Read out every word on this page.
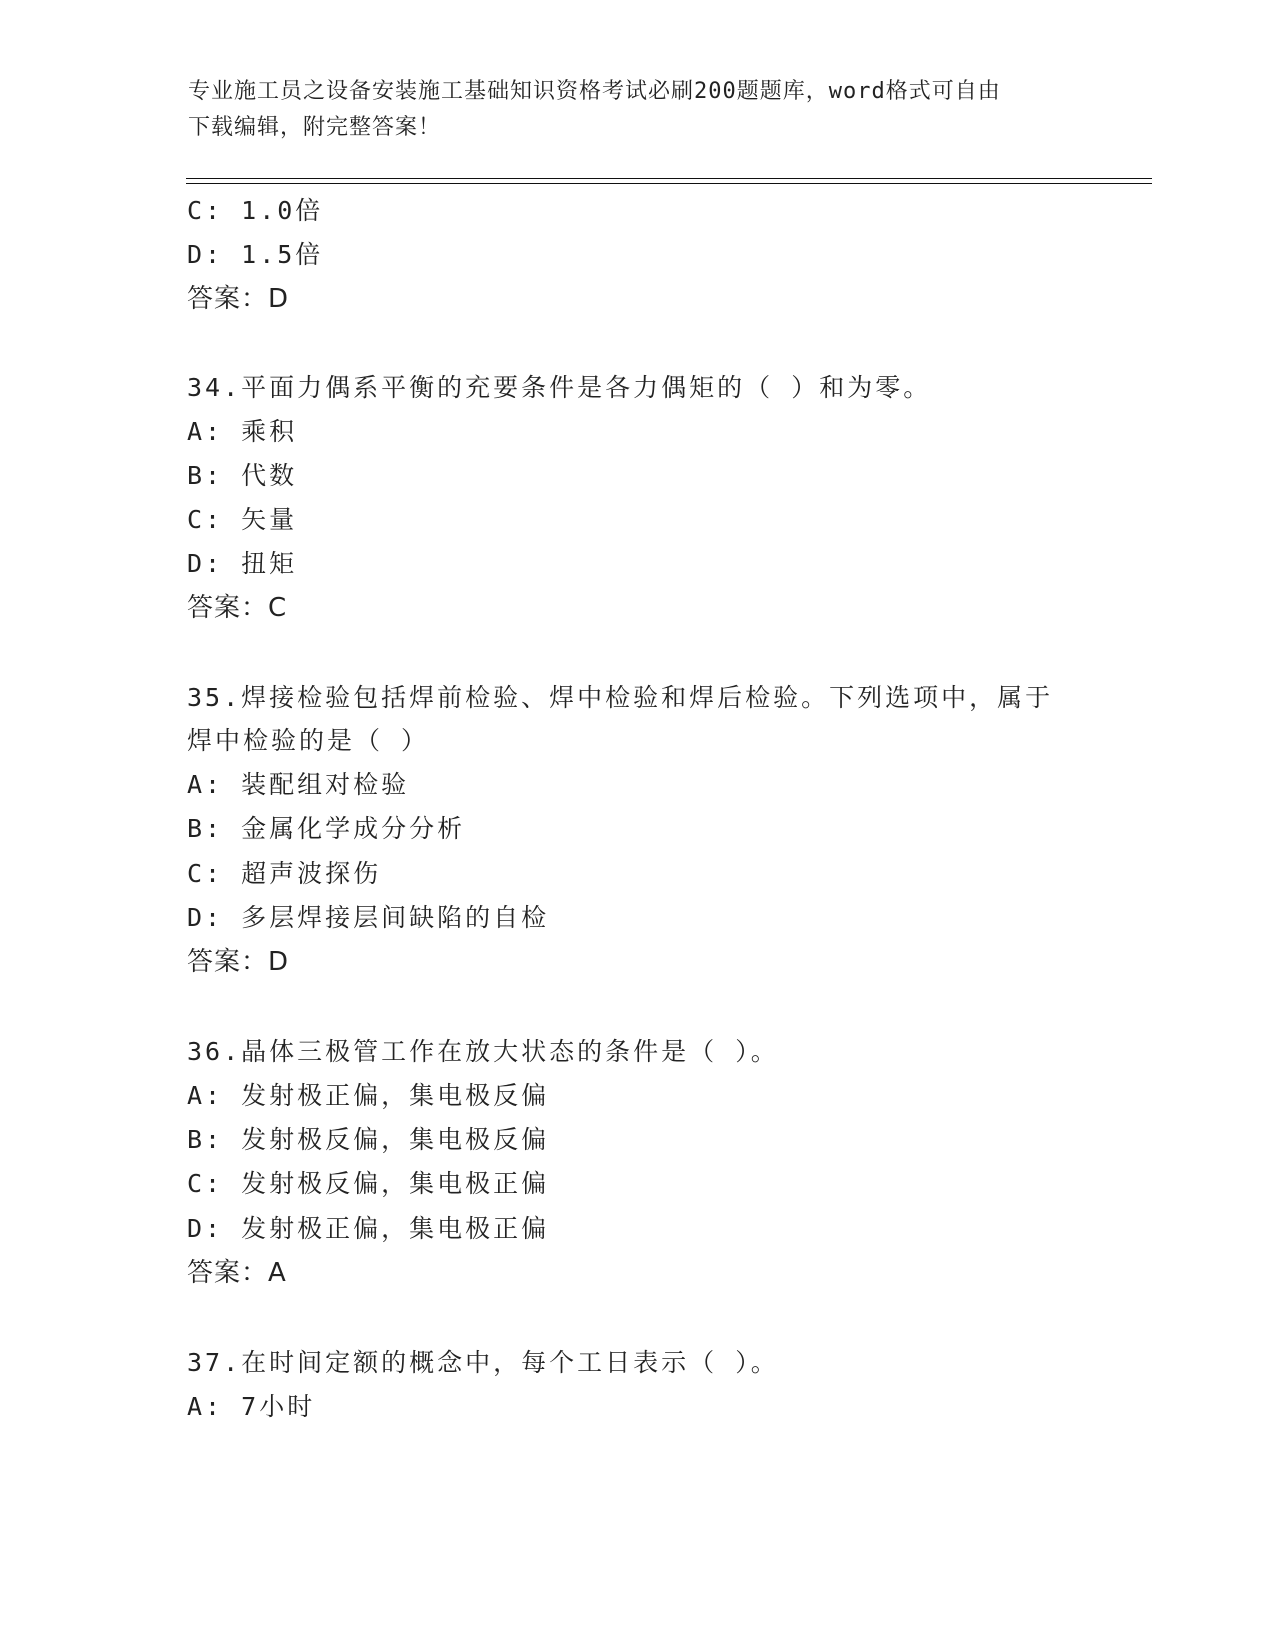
专业施工员之设备安装施工基础知识资格考试必刷200题题库，word格式可自由
下载编辑，附完整答案！
C: 1.0倍
D: 1.5倍
答案：D
34.平面力偶系平衡的充要条件是各力偶矩的（ ）和为零。
A: 乘积
B: 代数
C: 矢量
D: 扭矩
答案：C
35.焊接检验包括焊前检验、焊中检验和焊后检验。下列选项中，属于
焊中检验的是（ ）
A: 装配组对检验
B: 金属化学成分分析
C: 超声波探伤
D: 多层焊接层间缺陷的自检
答案：D
36.晶体三极管工作在放大状态的条件是（ ）。
A: 发射极正偏，集电极反偏
B: 发射极反偏，集电极反偏
C: 发射极反偏，集电极正偏
D: 发射极正偏，集电极正偏
答案：A
37.在时间定额的概念中，每个工日表示（ ）。
A: 7小时
